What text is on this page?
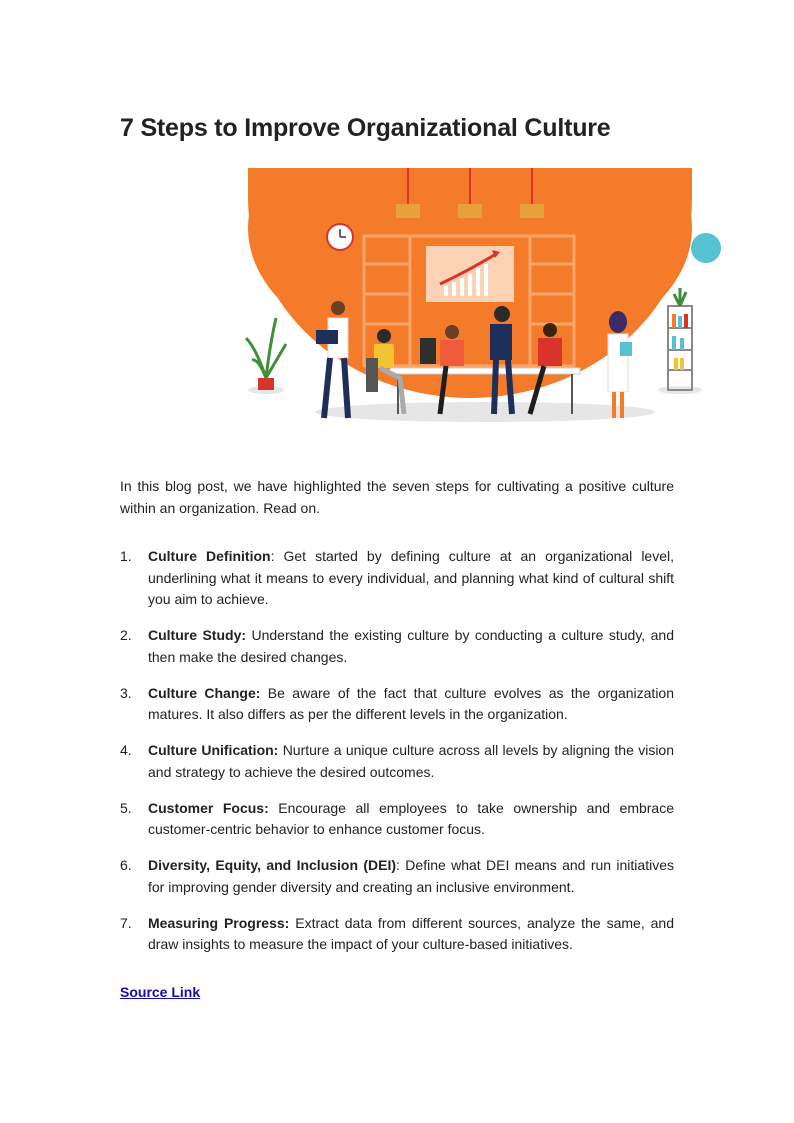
7 Steps to Improve Organizational Culture

In this blog post, we have highlighted the seven steps for cultivating a positive culture within an organization. Read on.

1. Culture Definition: Get started by defining culture at an organizational level, underlining what it means to every individual, and planning what kind of cultural shift you aim to achieve.
2. Culture Study: Understand the existing culture by conducting a culture study, and then make the desired changes.
3. Culture Change: Be aware of the fact that culture evolves as the organization matures. It also differs as per the different levels in the organization.
4. Culture Unification: Nurture a unique culture across all levels by aligning the vision and strategy to achieve the desired outcomes.
5. Customer Focus: Encourage all employees to take ownership and embrace customer-centric behavior to enhance customer focus.
6. Diversity, Equity, and Inclusion (DEI): Define what DEI means and run initiatives for improving gender diversity and creating an inclusive environment.
7. Measuring Progress: Extract data from different sources, analyze the same, and draw insights to measure the impact of your culture-based initiatives.
Source Link
